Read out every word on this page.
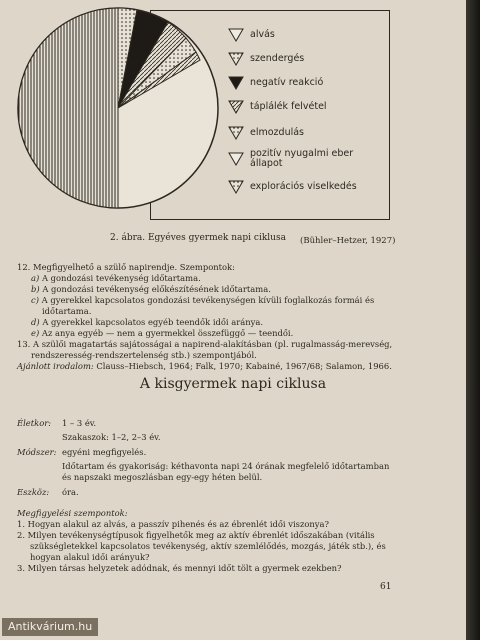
alvás
szendergés
negatív reakció
táplálék felvétel
elmozdulás
pozitív nyugalmi eber
állapot
explorációs viselkedés
2. ábra. Egyéves gyermek napi ciklusa	(Bühler–Hetzer, 1927)
12. Megfigyelhető a szülő napirendje. Szempontok:
a) A gondozási tevékenység időtartama.
b) A gondozási tevékenység előkészítésének időtartama.
c) A gyerekkel kapcsolatos gondozási tevékenységen kívüli foglalkozás formái és
időtartama.
d) A gyerekkel kapcsolatos egyéb teendők idői aránya.
e) Az anya egyéb — nem a gyermekkel összefüggő — teendői.
13. A szülői magatartás sajátosságai a napirend-alakításban (pl. rugalmasság-merevség,
rendszeresség-rendszertelenség stb.) szempontjából.
Ajánlott irodalom: Clauss–Hiebsch, 1964; Falk, 1970; Kabainé, 1967/68; Salamon, 1966.
A kisgyermek napi ciklusa
Életkor: 1 – 3 év.
Szakaszok: 1–2, 2–3 év.
Módszer: egyéni megfigyelés.
Időtartam és gyakoriság: kéthavonta napi 24 órának megfelelő időtartamban
és napszaki megoszlásban egy-egy héten belül.
Eszköz: óra.
Megfigyelési szempontok:
1. Hogyan alakul az alvás, a passzív pihenés és az ébrenlét idői viszonya?
2. Milyen tevékenységtípusok figyelhetők meg az aktív ébrenlét időszakában (vitális
szükségletekkel kapcsolatos tevékenység, aktív szemlélődés, mozgás, játék stb.), és
hogyan alakul idői arányuk?
3. Milyen társas helyzetek adódnak, és mennyi időt tölt a gyermek ezekben?
61
Antikvárium.hu
